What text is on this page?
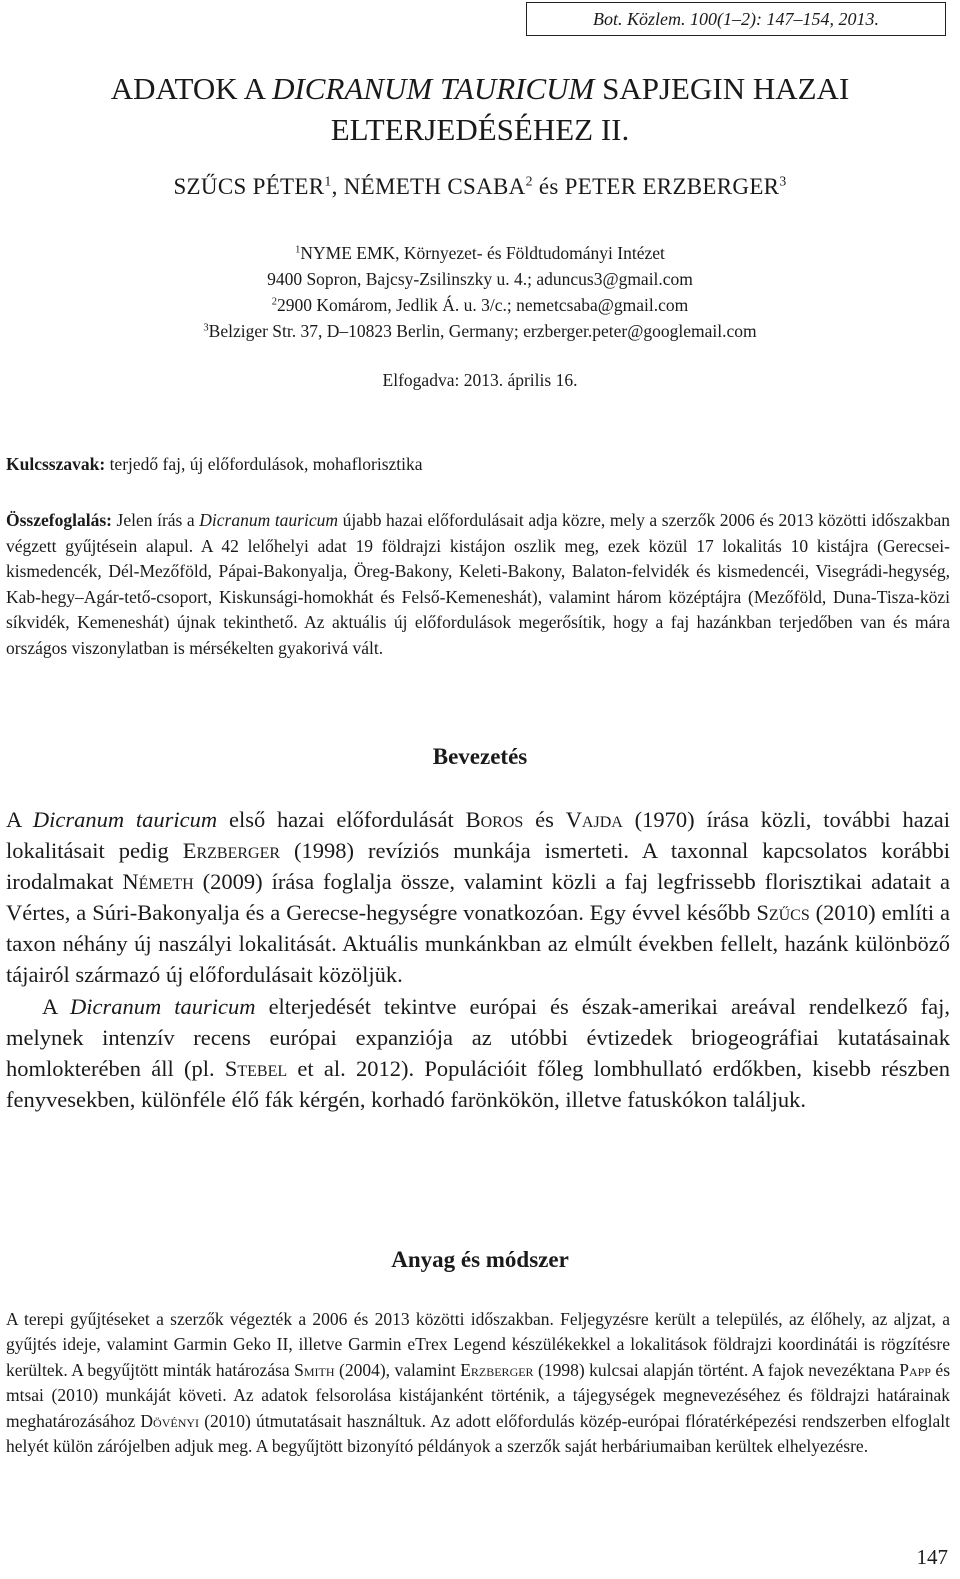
Bot. Közlem. 100(1–2): 147–154, 2013.
ADATOK A DICRANUM TAURICUM SAPJEGIN HAZAI
ELTERJEDÉSÉHEZ II.
SZŰCS PÉTER$^1$, NÉMETH CSABA$^2$ és PETER ERZBERGER$^3$
$^1$NYME EMK, Környezet- és Földtudományi Intézet
9400 Sopron, Bajcsy-Zsilinszky u. 4.; aduncus3@gmail.com
$^2$2900 Komárom, Jedlik Á. u. 3/c.; nemetcsaba@gmail.com
$^3$Belziger Str. 37, D–10823 Berlin, Germany; erzberger.peter@googlemail.com
Elfogadva: 2013. április 16.
Kulcsszavak: terjedő faj, új előfordulások, mohaflorisztika
Összefoglalás: Jelen írás a Dicranum tauricum újabb hazai előfordulásait adja közre, mely a szerzők 2006 és 2013 közötti időszakban végzett gyűjtésein alapul. A 42 lelőhelyi adat 19 földrajzi kistájon oszlik meg, ezek közül 17 lokalitás 10 kistájra (Gerecsei-kismedencék, Dél-Mezőföld, Pápai-Bakonyalja, Öreg-Bakony, Keleti-Bakony, Balaton-felvidék és kismedencéi, Visegrádi-hegység, Kab-hegy–Agár-tető-csoport, Kiskunsági-homokhát és Felső-Kemeneshát), valamint három középtájra (Mezőföld, Duna-Tisza-közi síkvidék, Kemeneshát) újnak tekinthető. Az aktuális új előfordulások megerősítik, hogy a faj hazánkban terjedőben van és mára országos viszonylatban is mérsékelten gyakorivá vált.
Bevezetés

A Dicranum tauricum első hazai előfordulását Boros és Vajda (1970) írása közli, további hazai lokalitásait pedig Erzberger (1998) revíziós munkája ismerteti. A taxonnal kapcsolatos korábbi irodalmakat Németh (2009) írása foglalja össze, valamint közli a faj legfrissebb florisztikai adatait a Vértes, a Súri-Bakonyalja és a Gerecse-hegységre vonatkozóan. Egy évvel később Szűcs (2010) említi a taxon néhány új naszályi lokalitását. Aktuális munkánkban az elmúlt években fellelt, hazánk különböző tájairól származó új előfordulásait közöljük.

A Dicranum tauricum elterjedését tekintve európai és észak-amerikai areával rendelkező faj, melynek intenzív recens európai expanziója az utóbbi évtizedek briogeográfiai kutatásainak homlokterében áll (pl. Stebel et al. 2012). Populációit főleg lombhullató erdőkben, kisebb részben fenyvesekben, különféle élő fák kérgén, korhadó farönkökön, illetve fatuskókon találjuk.

Anyag és módszer

A terepi gyűjtéseket a szerzők végezték a 2006 és 2013 közötti időszakban. Feljegyzésre került a település, az élőhely, az aljzat, a gyűjtés ideje, valamint Garmin Geko II, illetve Garmin eTrex Legend készülékekkel a lokalitások földrajzi koordinátái is rögzítésre kerültek. A begyűjtött minták határozása Smith (2004), valamint Erzberger (1998) kulcsai alapján történt. A fajok nevezéktana Papp és mtsai (2010) munkáját követi. Az adatok felsorolása kistájanként történik, a tájegységek megnevezéséhez és földrajzi határainak meghatározásához Dövényi (2010) útmutatásait használtuk. Az adott előfordulás közép-európai flóratérképezési rendszerben elfoglalt helyét külön zárójelben adjuk meg. A begyűjtött bizonyító példányok a szerzők saját herbáriumaiban kerültek elhelyezésre.

147
